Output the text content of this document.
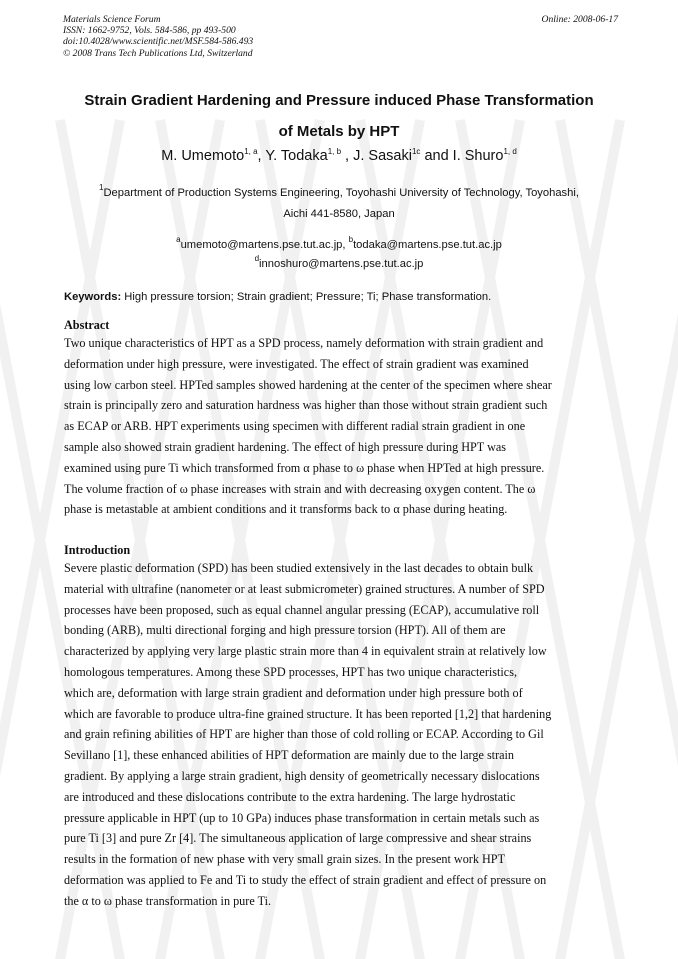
Materials Science Forum
ISSN: 1662-9752, Vols. 584-586, pp 493-500
doi:10.4028/www.scientific.net/MSF.584-586.493
© 2008 Trans Tech Publications Ltd, Switzerland
Online: 2008-06-17
Strain Gradient Hardening and Pressure induced Phase Transformation
of Metals by HPT
M. Umemoto$^{1, a}$, Y. Todaka$^{1, b}$ , J. Sasaki$^{1c}$ and I. Shuro$^{1, d}$
$^1$Department of Production Systems Engineering, Toyohashi University of Technology, Toyohashi,
Aichi 441-8580, Japan
$^a$umemoto@martens.pse.tut.ac.jp, $^b$todaka@martens.pse.tut.ac.jp
$^d$innoshuro@martens.pse.tut.ac.jp
Keywords: High pressure torsion; Strain gradient; Pressure; Ti; Phase transformation.
Abstract
Two unique characteristics of HPT as a SPD process, namely deformation with strain gradient and
deformation under high pressure, were investigated. The effect of strain gradient was examined
using low carbon steel. HPTed samples showed hardening at the center of the specimen where shear
strain is principally zero and saturation hardness was higher than those without strain gradient such
as ECAP or ARB. HPT experiments using specimen with different radial strain gradient in one
sample also showed strain gradient hardening. The effect of high pressure during HPT was
examined using pure Ti which transformed from α phase to ω phase when HPTed at high pressure.
The volume fraction of ω phase increases with strain and with decreasing oxygen content. The ω
phase is metastable at ambient conditions and it transforms back to α phase during heating.
Introduction
Severe plastic deformation (SPD) has been studied extensively in the last decades to obtain bulk
material with ultrafine (nanometer or at least submicrometer) grained structures. A number of SPD
processes have been proposed, such as equal channel angular pressing (ECAP), accumulative roll
bonding (ARB), multi directional forging and high pressure torsion (HPT). All of them are
characterized by applying very large plastic strain more than 4 in equivalent strain at relatively low
homologous temperatures. Among these SPD processes, HPT has two unique characteristics,
which are, deformation with large strain gradient and deformation under high pressure both of
which are favorable to produce ultra-fine grained structure. It has been reported [1,2] that hardening
and grain refining abilities of HPT are higher than those of cold rolling or ECAP. According to Gil
Sevillano [1], these enhanced abilities of HPT deformation are mainly due to the large strain
gradient. By applying a large strain gradient, high density of geometrically necessary dislocations
are introduced and these dislocations contribute to the extra hardening. The large hydrostatic
pressure applicable in HPT (up to 10 GPa) induces phase transformation in certain metals such as
pure Ti [3] and pure Zr [4]. The simultaneous application of large compressive and shear strains
results in the formation of new phase with very small grain sizes. In the present work HPT
deformation was applied to Fe and Ti to study the effect of strain gradient and effect of pressure on
the α to ω phase transformation in pure Ti.
